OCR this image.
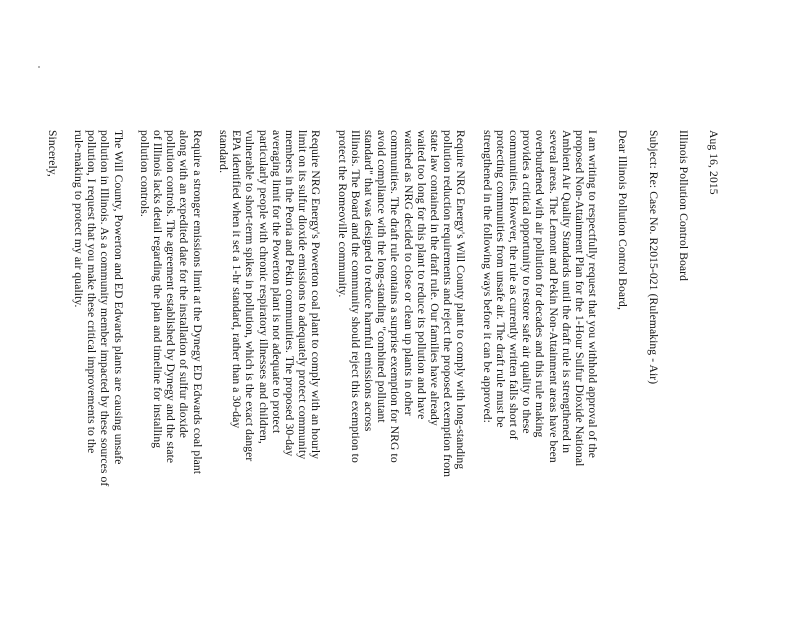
Aug 16, 2015
Illinois Pollution Control Board
Subject: Re: Case No. R2015-021 (Rulemaking - Air)
Dear Illinois Pollution Control Board,
I am writing to respectfully request that you withhold approval of the
proposed Non-Attainment Plan for the 1-Hour Sulfur Dioxide National
Ambient Air Quality Standards until the draft rule is strengthened in
several areas. The Lemont and Pekin Non-Attainment areas have been
overburdened with air pollution for decades and this rule making
provides a critical opportunity to restore safe air quality to these
communities. However, the rule as currently written falls short of
protecting communities from unsafe air. The draft rule must be
strengthened in the following ways before it can be approved:
Require NRG Energy's Will County plant to comply with long-standing
pollution reduction requirements and reject the proposed exemption from
state law contained in the draft rule. Our families have already
waited too long for this plant to reduce its pollution and have
watched as NRG decided to close or clean up plants in other
communities. The draft rule contains a surprise exemption for NRG to
avoid compliance with the long-standing "combined pollutant
standard" that was designed to reduce harmful emissions across
Illinois. The Board and the community should reject this exemption to
protect the Romeoville community.
Require NRG Energy's Powerton coal plant to comply with an hourly
limit on its sulfur dioxide emissions to adequately protect community
members in the Peoria and Pekin communities. The proposed 30-day
averaging limit for the Powerton plant is not adequate to protect
particularly people with chronic respiratory illnesses and children,
vulnerable to short-term spikes in pollution, which is the exact danger
EPA identified when it set a 1-hr standard, rather than a 30-day
standard.
Require a stronger emissions limit at the Dynegy ED Edwards coal plant
along with an expedited date for the installation of sulfur dioxide
pollution controls. The agreement established by Dynegy and the state
of Illinois lacks detail regarding the plan and timeline for installing
pollution controls.
The Will County, Powerton and ED Edwards plants are causing unsafe
pollution in Illinois. As a community member impacted by these sources of
pollution, I request that you make these critical improvements to the
rule-making to protect my air quality.
Sincerely,
